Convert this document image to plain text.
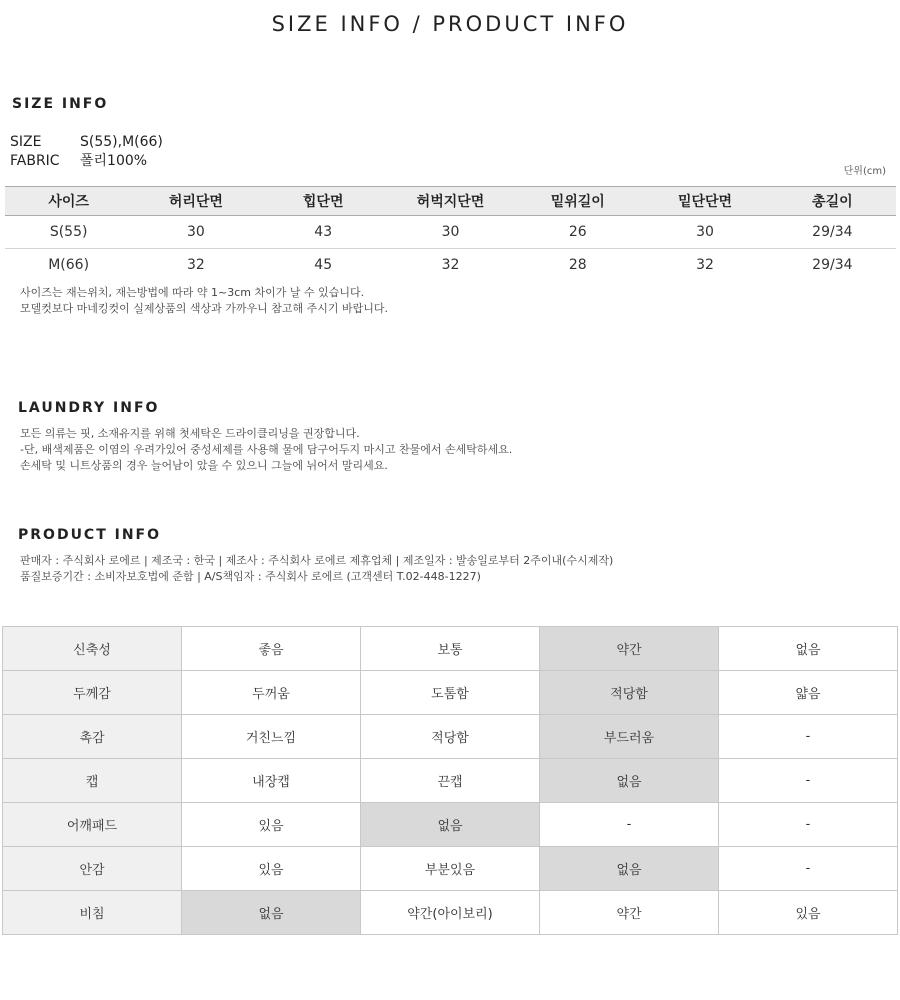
SIZE INFO / PRODUCT INFO
SIZE INFO
SIZE	S(55),M(66)
FABRIC 폴리100%
단위(cm)
사이즈	허리단면	힙단면	허벅지단면	밑위길이	밑단단면	총길이
S(55)	30	43	30	26	30	29/34
M(66)	32	45	32	28	32	29/34
사이즈는 재는위치, 재는방법에 따라 약 1~3cm 차이가 날 수 있습니다.
모델컷보다 마네킹컷이 실제상품의 색상과 가까우니 참고해 주시기 바랍니다.
LAUNDRY INFO
모든 의류는 핏, 소재유지를 위해 첫세탁은 드라이클리닝을 권장합니다.
-단, 배색제품은 이염의 우려가있어 중성세제를 사용해 물에 담구어두지 마시고 찬물에서 손세탁하세요.
손세탁 및 니트상품의 경우 늘어남이 았을 수 있으니 그늘에 뉘어서 말리세요.
PRODUCT INFO
판매자 : 주식회사 로에르 | 제조국 : 한국 | 제조사 : 주식회사 로에르 제휴업체 | 제조일자 : 발송일로부터 2주이내(수시제작)
품질보증기간 : 소비자보호법에 준함 | A/S책임자 : 주식회사 로에르 (고객센터 T.02-448-1227)
신축성	좋음	보통	약간	없음
두께감	두꺼움	도톰함	적당함	얇음
촉감	거친느낌	적당함	부드러움	-
캡	내장캡	끈캡	없음	-
어깨패드	있음	없음	-	-
안감	있음	부분있음	없음	-
비침	없음	약간(아이보리)	약간	있음
